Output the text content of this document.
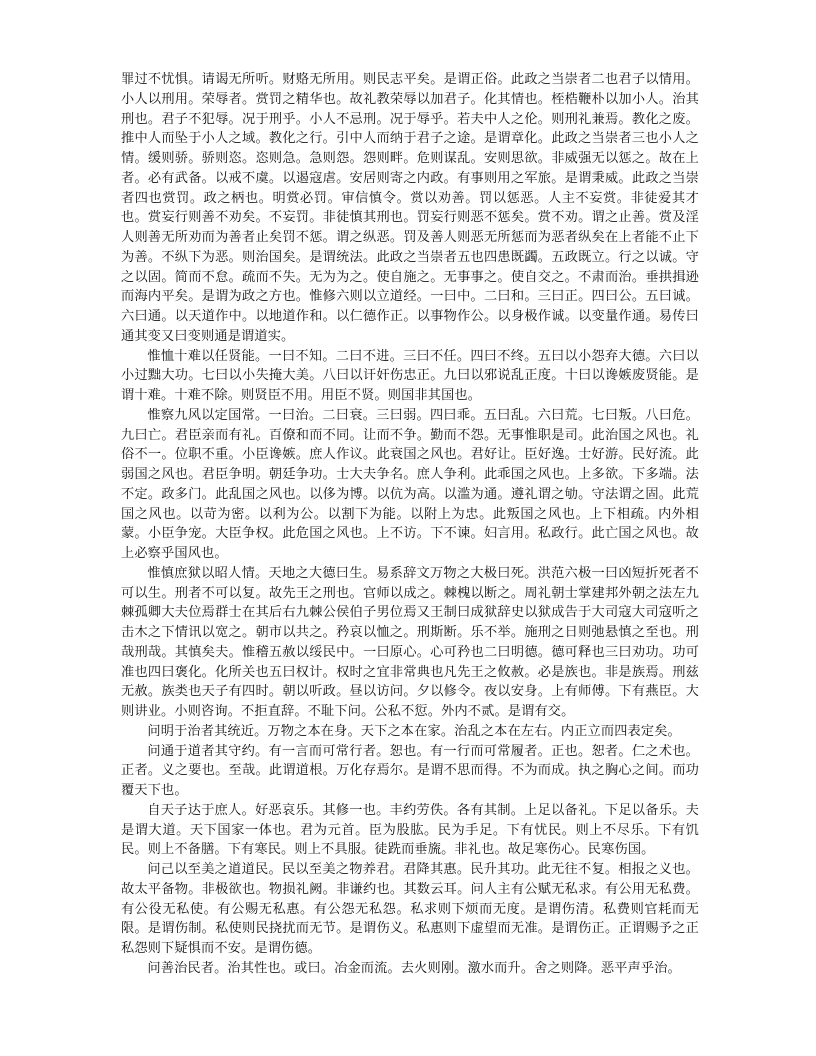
罪过不忧惧。请谒无所听。财赂无所用。则民志平矣。是谓正俗。此政之当崇者二也君子以情用。小人以刑用。荣辱者。赏罚之精华也。故礼教荣辱以加君子。化其情也。桎梏鞭朴以加小人。治其刑也。君子不犯辱。况于刑乎。小人不忌刑。况于辱乎。若夫中人之伦。则刑礼兼焉。教化之废。推中人而坠于小人之域。教化之行。引中人而纳于君子之途。是谓章化。此政之当崇者三也小人之情。缓则骄。骄则恣。恣则急。急则怨。怨则畔。危则谋乱。安则思欲。非威强无以惩之。故在上者。必有武备。以戒不虞。以遏寇虐。安居则寄之内政。有事则用之军旅。是谓秉威。此政之当崇者四也赏罚。政之柄也。明赏必罚。审信慎令。赏以劝善。罚以惩恶。人主不妄赏。非徒爱其才也。赏妄行则善不劝矣。不妄罚。非徒慎其刑也。罚妄行则恶不惩矣。赏不劝。谓之止善。赏及淫人则善无所劝而为善者止矣罚不惩。谓之纵恶。罚及善人则恶无所惩而为恶者纵矣在上者能不止下为善。不纵下为恶。则治国矣。是谓统法。此政之当崇者五也四患既蠲。五政既立。行之以诚。守之以固。简而不怠。疏而不失。无为为之。使自施之。无事事之。使自交之。不肃而治。垂拱揖逊而海内平矣。是谓为政之方也。惟修六则以立道经。一曰中。二曰和。三曰正。四曰公。五曰诚。六曰通。以天道作中。以地道作和。以仁德作正。以事物作公。以身极作诚。以变量作通。易传曰通其变又曰变则通是谓道实。

惟恤十难以任贤能。一曰不知。二曰不进。三曰不任。四曰不终。五曰以小怨弃大德。六曰以小过黜大功。七曰以小失掩大美。八曰以讦奸伤忠正。九曰以邪说乱正度。十曰以谗嫉废贤能。是谓十难。十难不除。则贤臣不用。用臣不贤。则国非其国也。

惟察九风以定国常。一曰治。二曰衰。三曰弱。四曰乖。五曰乱。六曰荒。七曰叛。八曰危。九曰亡。君臣亲而有礼。百僚和而不同。让而不争。勤而不怨。无事惟职是司。此治国之风也。礼俗不一。位职不重。小臣谗嫉。庶人作议。此衰国之风也。君好让。臣好逸。士好游。民好流。此弱国之风也。君臣争明。朝廷争功。士大夫争名。庶人争利。此乖国之风也。上多欲。下多端。法不定。政多门。此乱国之风也。以侈为博。以伉为高。以滥为通。遵礼谓之劬。守法谓之固。此荒国之风也。以苛为密。以利为公。以割下为能。以附上为忠。此叛国之风也。上下相疏。内外相蒙。小臣争宠。大臣争权。此危国之风也。上不访。下不谏。妇言用。私政行。此亡国之风也。故上必察乎国风也。

惟慎庶狱以昭人情。天地之大德曰生。易系辞文万物之大极曰死。洪范六极一曰凶短折死者不可以生。刑者不可以复。故先王之刑也。官师以成之。棘槐以断之。周礼朝士掌建邦外朝之法左九棘孤卿大夫位焉群士在其后右九棘公侯伯子男位焉又王制曰成狱辞史以狱成告于大司寇大司寇听之击木之下情讯以宽之。朝市以共之。矜哀以恤之。刑斯断。乐不举。施刑之日则弛悬慎之至也。刑哉刑哉。其慎矣夫。惟稽五赦以绥民中。一曰原心。心可矜也二曰明德。德可释也三曰劝功。功可准也四曰褒化。化所关也五曰权计。权时之宜非常典也凡先王之攸赦。必是族也。非是族焉。刑兹无赦。族类也天子有四时。朝以听政。昼以访问。夕以修令。夜以安身。上有师傅。下有燕臣。大则讲业。小则咨询。不拒直辞。不耻下问。公私不愆。外内不贰。是谓有交。

问明于治者其统近。万物之本在身。天下之本在家。治乱之本在左右。内正立而四表定矣。

问通于道者其守约。有一言而可常行者。恕也。有一行而可常履者。正也。恕者。仁之术也。正者。义之要也。至哉。此谓道根。万化存焉尔。是谓不思而得。不为而成。执之胸心之间。而功覆天下也。

自天子达于庶人。好恶哀乐。其修一也。丰约劳佚。各有其制。上足以备礼。下足以备乐。夫是谓大道。天下国家一体也。君为元首。臣为股肱。民为手足。下有忧民。则上不尽乐。下有饥民。则上不备膳。下有寒民。则上不具服。徒跣而垂旒。非礼也。故足寒伤心。民寒伤国。

问己以至美之道道民。民以至美之物养君。君降其惠。民升其功。此无往不复。相报之义也。故太平备物。非极欲也。物损礼阙。非谦约也。其数云耳。问人主有公赋无私求。有公用无私费。有公役无私使。有公赐无私惠。有公怨无私怨。私求则下烦而无度。是谓伤清。私费则官耗而无限。是谓伤制。私使则民挠扰而无节。是谓伤义。私惠则下虚望而无准。是谓伤正。正谓赐予之正私怨则下疑惧而不安。是谓伤德。

问善治民者。治其性也。或曰。冶金而流。去火则刚。激水而升。舍之则降。恶平声乎治。
